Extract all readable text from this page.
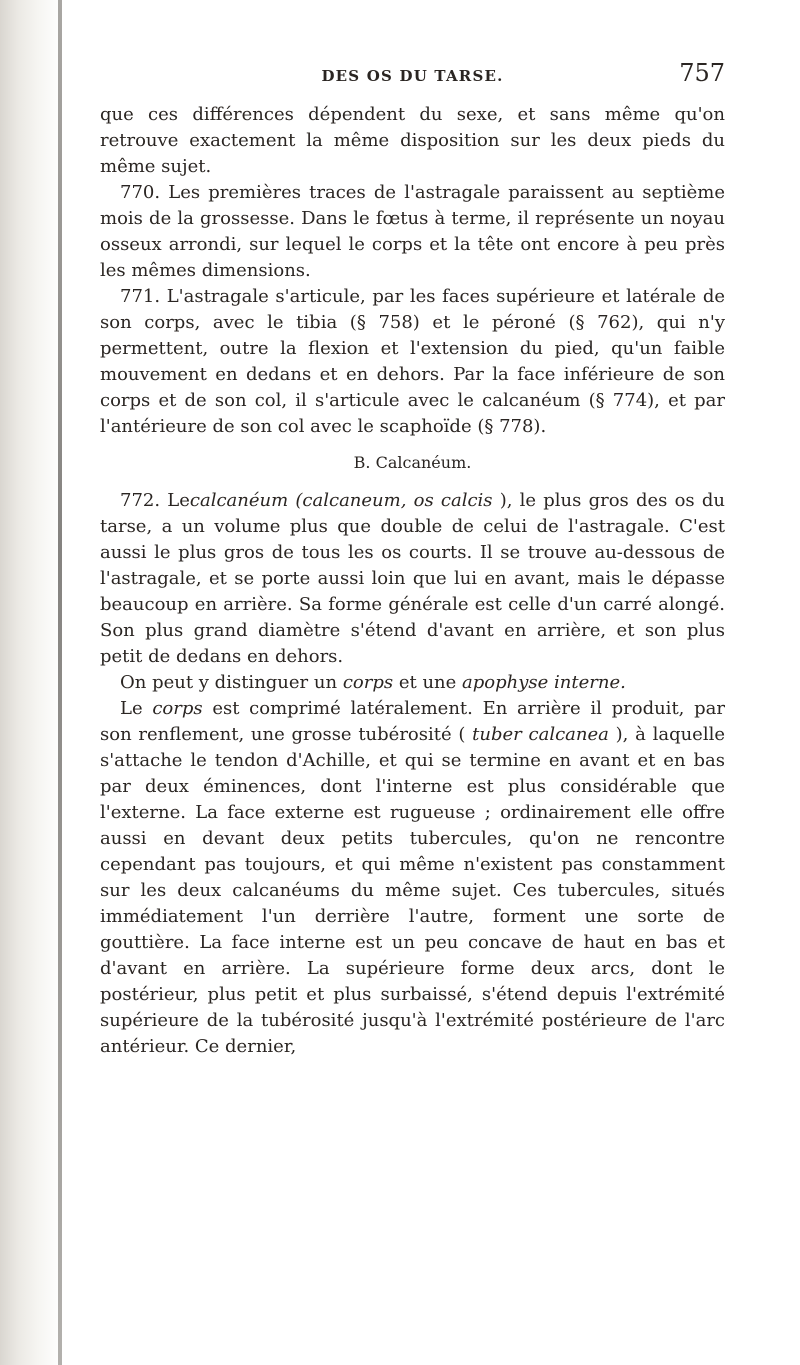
DES OS DU TARSE.	757

que ces différences dépendent du sexe, et sans même qu'on retrouve exactement la même disposition sur les deux pieds du même sujet.

770. Les premières traces de l'astragale paraissent au septième mois de la grossesse. Dans le fœtus à terme, il représente un noyau osseux arrondi, sur lequel le corps et la tête ont encore à peu près les mêmes dimensions.

771. L'astragale s'articule, par les faces supérieure et latérale de son corps, avec le tibia (§ 758) et le péroné (§ 762), qui n'y permettent, outre la flexion et l'extension du pied, qu'un faible mouvement en dedans et en dehors. Par la face inférieure de son corps et de son col, il s'articule avec le calcanéum (§ 774), et par l'antérieure de son col avec le scaphoïde (§ 778).

B. Calcanéum.

772. Lecalcanéum (calcaneum, os calcis ), le plus gros des os du tarse, a un volume plus que double de celui de l'astragale. C'est aussi le plus gros de tous les os courts. Il se trouve au-dessous de l'astragale, et se porte aussi loin que lui en avant, mais le dépasse beaucoup en arrière. Sa forme générale est celle d'un carré alongé. Son plus grand diamètre s'étend d'avant en arrière, et son plus petit de dedans en dehors.

On peut y distinguer un corps et une apophyse interne.

Le corps est comprimé latéralement. En arrière il produit, par son renflement, une grosse tubérosité ( tuber calcanea ), à laquelle s'attache le tendon d'Achille, et qui se termine en avant et en bas par deux éminences, dont l'interne est plus considérable que l'externe. La face externe est rugueuse ; ordinairement elle offre aussi en devant deux petits tubercules, qu'on ne rencontre cependant pas toujours, et qui même n'existent pas constamment sur les deux calcanéums du même sujet. Ces tubercules, situés immédiatement l'un derrière l'autre, forment une sorte de gouttière. La face interne est un peu concave de haut en bas et d'avant en arrière. La supérieure forme deux arcs, dont le postérieur, plus petit et plus surbaissé, s'étend depuis l'extrémité supérieure de la tubérosité jusqu'à l'extrémité postérieure de l'arc antérieur. Ce dernier,
